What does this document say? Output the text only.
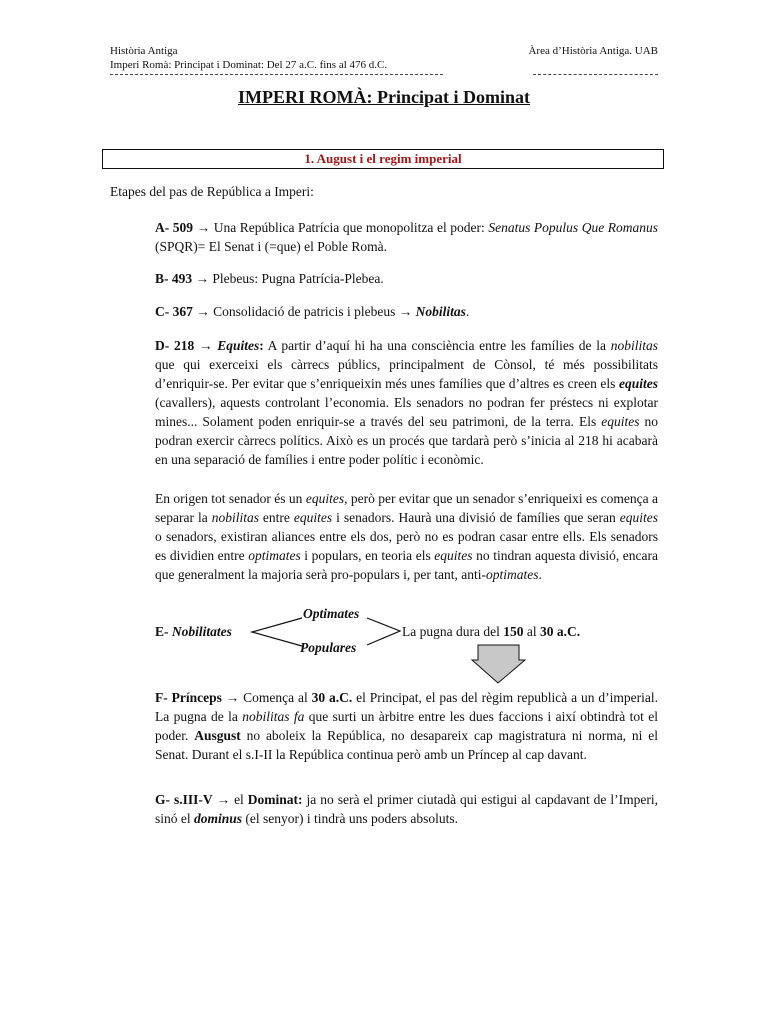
Història Antiga
Imperi Romà: Principat i Dominat: Del 27 a.C. fins al 476 d.C.
Àrea d’Història Antiga. UAB
IMPERI ROMÀ: Principat i Dominat
1. August i el regim imperial
Etapes del pas de República a Imperi:

A- 509 → Una República Patrícia que monopolitza el poder: Senatus Populus Que Romanus (SPQR)= El Senat i (=que) el Poble Romà.

B- 493 → Plebeus: Pugna Patrícia-Plebea.

C- 367 → Consolidació de patricis i plebeus → Nobilitas.

D- 218 → Equites: A partir d’aquí hi ha una consciència entre les famílies de la nobilitas que qui exerceixi els càrrecs públics, principalment de Cònsol, té més possibilitats d’enriquir-se. Per evitar que s’enriqueixin més unes famílies que d’altres es creen els equites (cavallers), aquests controlant l’economia. Els senadors no podran fer préstecs ni explotar mines... Solament poden enriquir-se a través del seu patrimoni, de la terra. Els equites no podran exercir càrrecs polítics. Això es un procés que tardarà però s’inicia al 218 hi acabarà en una separació de famílies i entre poder polític i econòmic.

En origen tot senador és un equites, però per evitar que un senador s’enriqueixi es comença a separar la nobilitas entre equites i senadors. Haurà una divisió de famílies que seran equites o senadors, existiran aliances entre els dos, però no es podran casar entre ells. Els senadors es dividien entre optimates i populars, en teoria els equites no tindran aquesta divisió, encara que generalment la majoria serà pro-populars i, per tant, anti-optimates.

E- Nobilitates
Optimates
Populares
La pugna dura del 150 al 30 a.C.

F- Prínceps → Comença al 30 a.C. el Principat, el pas del règim republicà a un d’imperial. La pugna de la nobilitas fa que surti un àrbitre entre les dues faccions i així obtindrà tot el poder. Ausgust no aboleix la República, no desapareix cap magistratura ni norma, ni el Senat. Durant el s.I-II la República continua però amb un Príncep al cap davant.

G- s.III-V → el Dominat: ja no serà el primer ciutadà qui estigui al capdavant de l’Imperi, sinó el dominus (el senyor) i tindrà uns poders absoluts.
